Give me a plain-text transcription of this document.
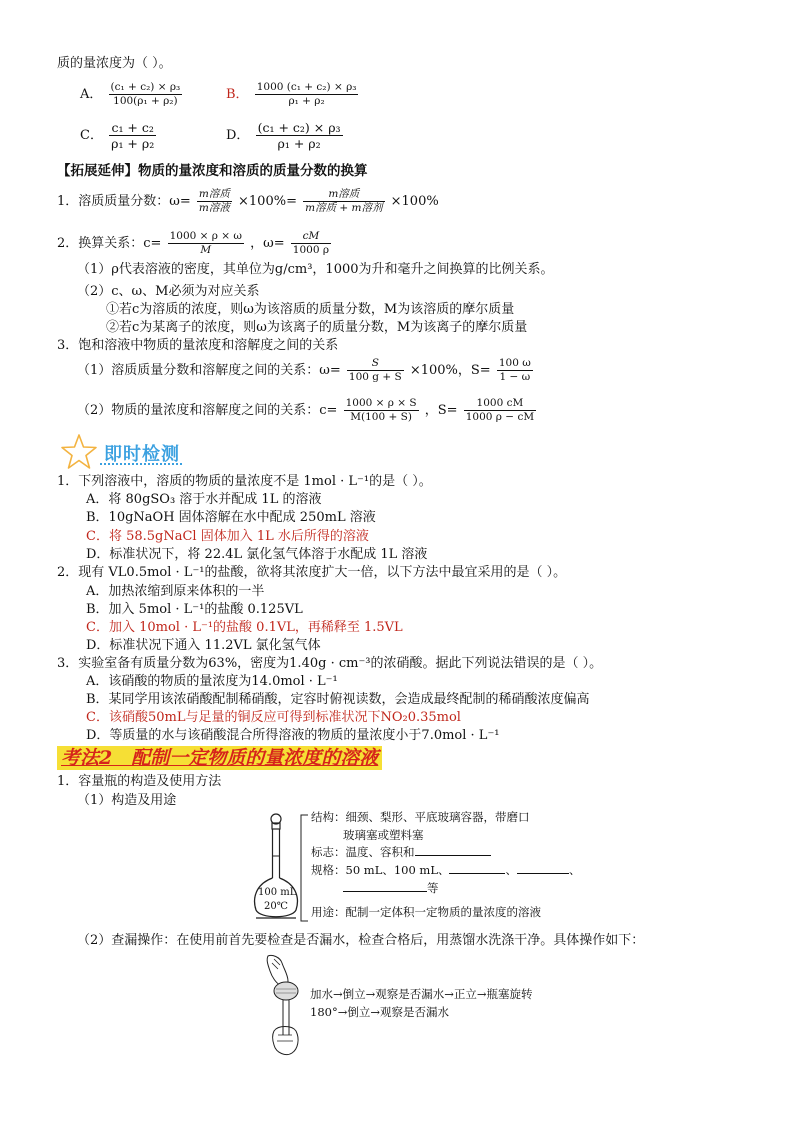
质的量浓度为（ ）。
A． $\frac{\text{(c₁ + c₂) × ρ₃}}{\text{100(ρ₁ + ρ₂)}}$	B． $\frac{\text{1000 (c₁ + c₂) × ρ₃}}{\text{ρ₁ + ρ₂}}$
C． $\frac{\text{c₁ + c₂}}{\text{ρ₁ + ρ₂}}$	D． $\frac{\text{(c₁ + c₂) × ρ₃}}{\text{ρ₁ + ρ₂}}$
【拓展延伸】物质的量浓度和溶质的质量分数的换算
1．溶质质量分数：$\omega= \frac{\text{m溶质}}{\text{m溶液}} \times 100\%= \frac{\text{m溶质}}{\text{m溶质 + m溶剂}} \times 100\%$
2．换算关系：$c= \frac{1000 \times \rho \times \omega}{M}$ ，$\omega= \frac{cM}{1000 \rho}$
（1）ρ代表溶液的密度，其单位为g/cm³，1000为升和毫升之间换算的比例关系。
（2）c、ω、M必须为对应关系
①若c为溶质的浓度，则ω为该溶质的质量分数，M为该溶质的摩尔质量
②若c为某离子的浓度，则ω为该离子的质量分数，M为该离子的摩尔质量
3．饱和溶液中物质的量浓度和溶解度之间的关系
（1）溶质质量分数和溶解度之间的关系：$\omega= \frac{S}{100 g + S} \times 100\%$，$S= \frac{100 \omega}{1 - \omega}$
（2）物质的量浓度和溶解度之间的关系：$c= \frac{1000 \times \rho \times S}{M(100 + S)}$ ，$S= \frac{1000 cM}{1000 \rho - cM}$
即时检测
1．下列溶液中，溶质的物质的量浓度不是 1mol · L⁻¹的是（ ）。
A．将 80gSO₃ 溶于水并配成 1L 的溶液
B．10gNaOH 固体溶解在水中配成 250mL 溶液
C．将 58.5gNaCl 固体加入 1L 水后所得的溶液
D．标准状况下，将 22.4L 氯化氢气体溶于水配成 1L 溶液
2．现有 VL0.5mol · L⁻¹的盐酸，欲将其浓度扩大一倍，以下方法中最宜采用的是（ ）。
A．加热浓缩到原来体积的一半
B．加入 5mol · L⁻¹的盐酸 0.125VL
C．加入 10mol · L⁻¹的盐酸 0.1VL，再稀释至 1.5VL
D．标准状况下通入 11.2VL 氯化氢气体
3．实验室备有质量分数为63%，密度为1.40g · cm⁻³的浓硝酸。据此下列说法错误的是（ ）。
A．该硝酸的物质的量浓度为14.0mol · L⁻¹
B．某同学用该浓硝酸配制稀硝酸，定容时俯视读数，会造成最终配制的稀硝酸浓度偏高
C．该硝酸50mL与足量的铜反应可得到标准状况下NO₂0.35mol
D．等质量的水与该硝酸混合所得溶液的物质的量浓度小于7.0mol · L⁻¹
考法2　配制一定物质的量浓度的溶液
1．容量瓶的构造及使用方法
（1）构造及用途
100 mL
20℃
结构：细颈、梨形、平底玻璃容器，带磨口
玻璃塞或塑料塞
标志：温度、容积和
规格：50 mL、100 mL、	、	、
等
用途：配制一定体积一定物质的量浓度的溶液
（2）查漏操作：在使用前首先要检查是否漏水，检查合格后，用蒸馏水洗涤干净。具体操作如下：
加水→倒立→观察是否漏水→正立→瓶塞旋转
180°→倒立→观察是否漏水
